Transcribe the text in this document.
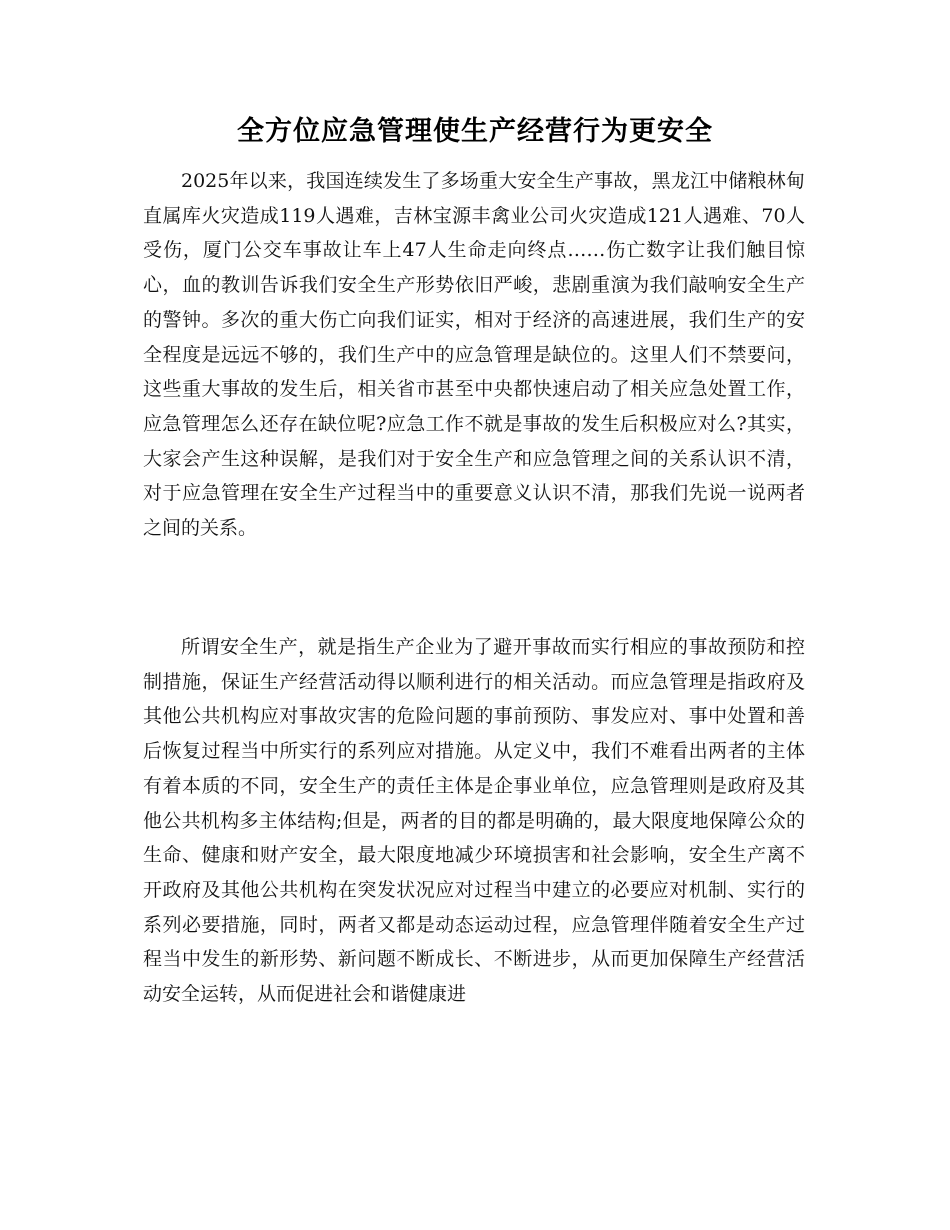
全方位应急管理使生产经营行为更安全

2025年以来，我国连续发生了多场重大安全生产事故，黑龙江中储粮林甸直属库火灾造成119人遇难，吉林宝源丰禽业公司火灾造成121人遇难、70人受伤，厦门公交车事故让车上47人生命走向终点……伤亡数字让我们触目惊心，血的教训告诉我们安全生产形势依旧严峻，悲剧重演为我们敲响安全生产的警钟。多次的重大伤亡向我们证实，相对于经济的高速进展，我们生产的安全程度是远远不够的，我们生产中的应急管理是缺位的。这里人们不禁要问，这些重大事故的发生后，相关省市甚至中央都快速启动了相关应急处置工作，应急管理怎么还存在缺位呢?应急工作不就是事故的发生后积极应对么?其实，大家会产生这种误解，是我们对于安全生产和应急管理之间的关系认识不清，对于应急管理在安全生产过程当中的重要意义认识不清，那我们先说一说两者之间的关系。

所谓安全生产，就是指生产企业为了避开事故而实行相应的事故预防和控制措施，保证生产经营活动得以顺利进行的相关活动。而应急管理是指政府及其他公共机构应对事故灾害的危险问题的事前预防、事发应对、事中处置和善后恢复过程当中所实行的系列应对措施。从定义中，我们不难看出两者的主体有着本质的不同，安全生产的责任主体是企事业单位，应急管理则是政府及其他公共机构多主体结构;但是，两者的目的都是明确的，最大限度地保障公众的生命、健康和财产安全，最大限度地减少环境损害和社会影响，安全生产离不开政府及其他公共机构在突发状况应对过程当中建立的必要应对机制、实行的系列必要措施，同时，两者又都是动态运动过程，应急管理伴随着安全生产过程当中发生的新形势、新问题不断成长、不断进步，从而更加保障生产经营活动安全运转，从而促进社会和谐健康进
